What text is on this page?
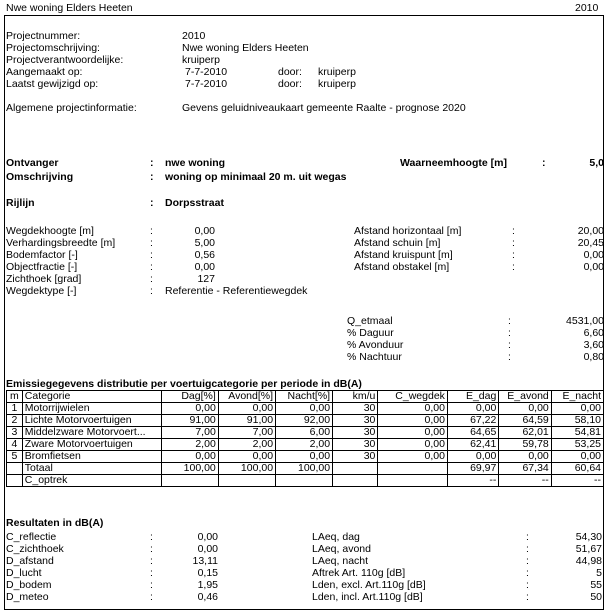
Nwe woning Elders Heeten	2010
Projectnummer:	2010
Projectomschrijving:	Nwe woning Elders Heeten
Projectverantwoordelijke:	kruiperp
Aangemaakt op:	7-7-2010	door: kruiperp
Laatst gewijzigd op:	7-7-2010	door: kruiperp
Algemene projectinformatie:	Gevens geluidniveaukaart gemeente Raalte - prognose 2020
Ontvanger	: nwe woning	Waarneemhoogte [m]	:	5,0
Omschrijving	: woning op minimaal 20 m. uit wegas
Rijlijn	: Dorpsstraat
Wegdekhoogte [m]	:	0,00
Verhardingsbreedte [m]	:	5,00
Bodemfactor [-]	:	0,56
Objectfractie [-]	:	0,00
Zichthoek [grad]	:	127
Wegdektype [-]	: Referentie - Referentiewegdek
Afstand horizontaal [m]	:	20,00
Afstand schuin [m]	:	20,45
Afstand kruispunt [m]	:	0,00
Afstand obstakel [m]	:	0,00
Q_etmaal	:	4531,00
% Daguur	:	6,60
% Avonduur	:	3,60
% Nachtuur	:	0,80
Emissiegegevens distributie per voertuigcategorie per periode in dB(A)
m	Categorie	Dag[%]	Avond[%]	Nacht[%]	km/u	C_wegdek	E_dag	E_avond	E_nacht
1	Motorrijwielen	0,00	0,00	0,00	30	0,00	0,00	0,00	0,00
2	Lichte Motorvoertuigen	91,00	91,00	92,00	30	0,00	67,22	64,59	58,10
3	Middelzware Motorvoert...	7,00	7,00	6,00	30	0,00	64,65	62,01	54,81
4	Zware Motorvoertuigen	2,00	2,00	2,00	30	0,00	62,41	59,78	53,25
5	Bromfietsen	0,00	0,00	0,00	30	0,00	0,00	0,00	0,00
	Totaal	100,00	100,00	100,00			69,97	67,34	60,64
	C_optrek						--	--	--
Resultaten in dB(A)
C_reflectie	:	0,00
C_zichthoek	:	0,00
D_afstand	:	13,11
D_lucht	:	0,15
D_bodem	:	1,95
D_meteo	:	0,46
LAeq, dag	:	54,30
LAeq, avond	:	51,67
LAeq, nacht	:	44,98
Aftrek Art. 110g [dB]	:	5
Lden, excl. Art.110g [dB]	:	55
Lden, incl. Art.110g [dB]	:	50
